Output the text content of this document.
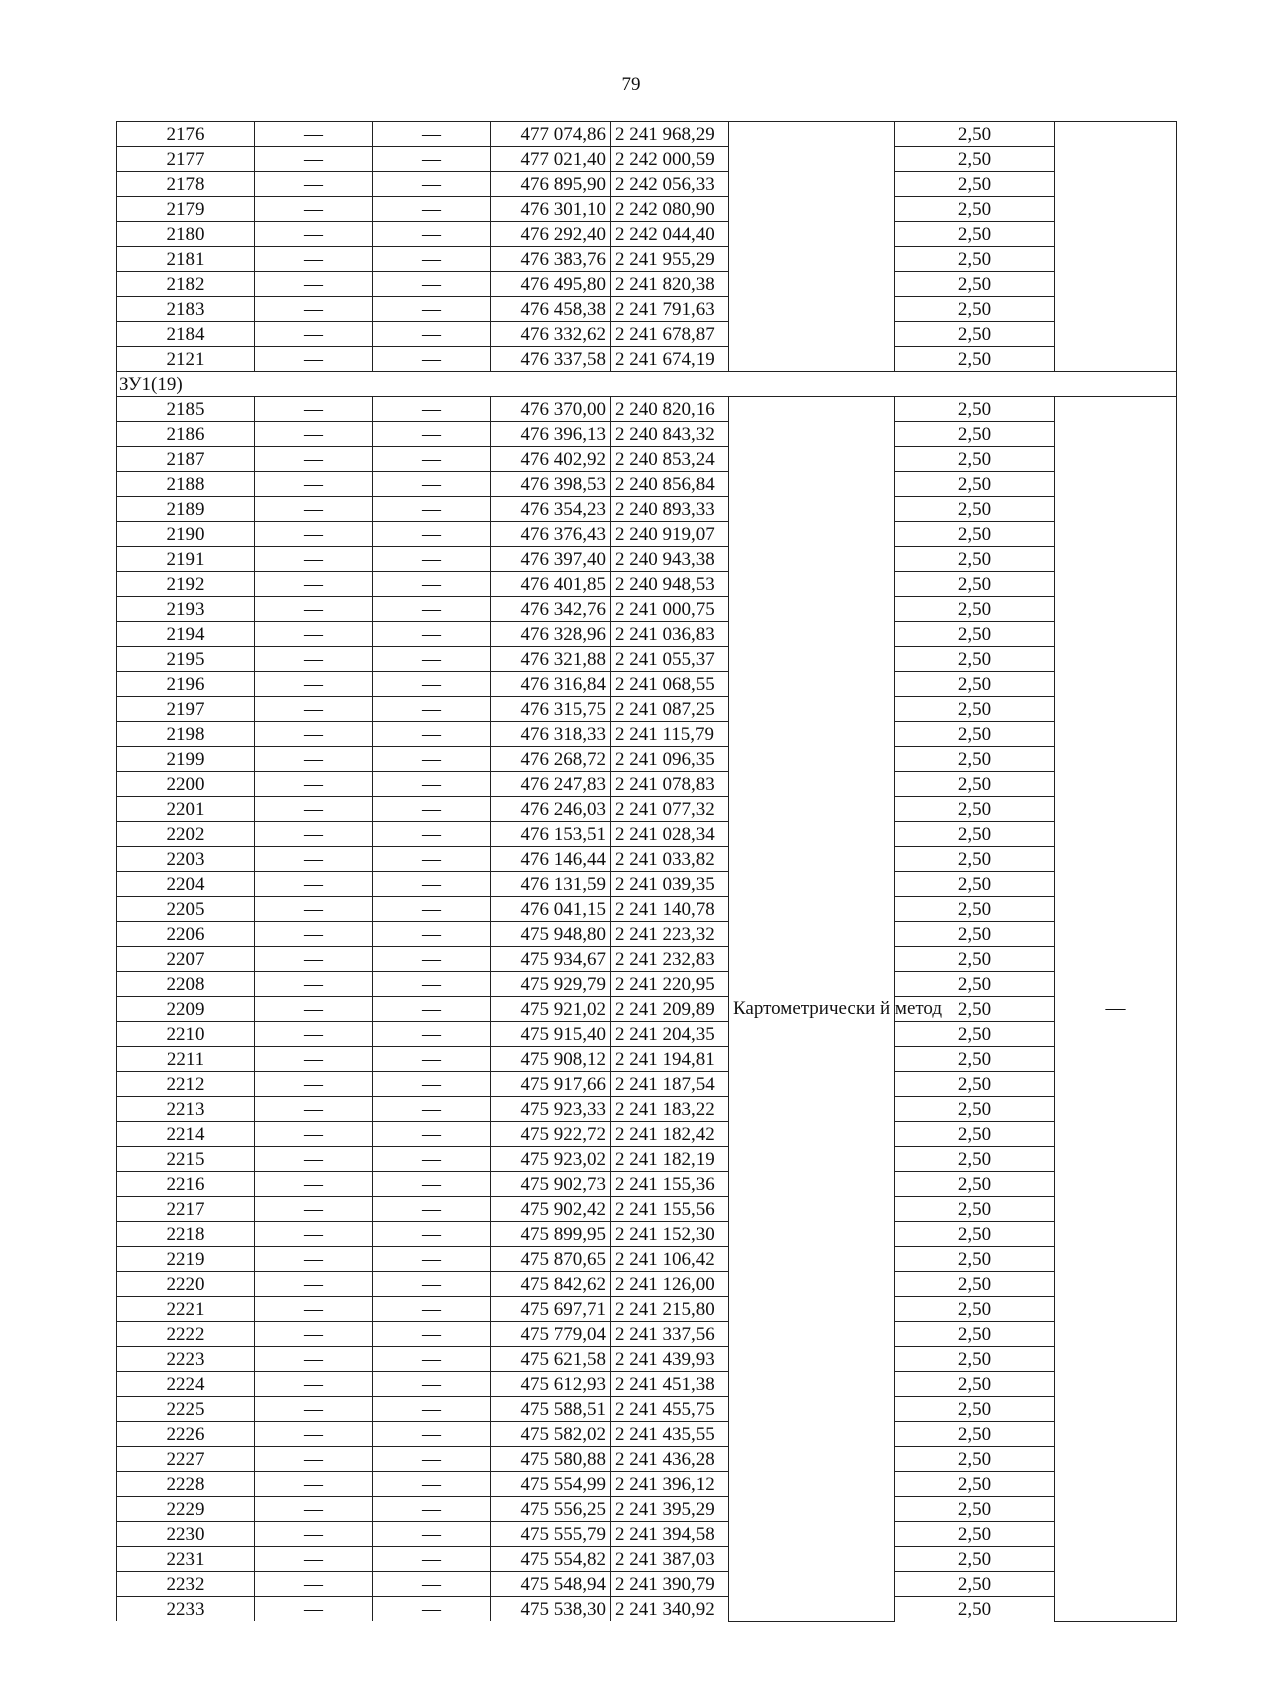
79
2176	—	—	477 074,86	2 241 968,29		2,50	
2177	—	—	477 021,40	2 242 000,59		2,50	
2178	—	—	476 895,90	2 242 056,33		2,50	
2179	—	—	476 301,10	2 242 080,90		2,50	
2180	—	—	476 292,40	2 242 044,40		2,50	
2181	—	—	476 383,76	2 241 955,29		2,50	
2182	—	—	476 495,80	2 241 820,38		2,50	
2183	—	—	476 458,38	2 241 791,63		2,50	
2184	—	—	476 332,62	2 241 678,87		2,50	
2121	—	—	476 337,58	2 241 674,19		2,50	
ЗУ1(19)							
2185	—	—	476 370,00	2 240 820,16	Картометрически й метод	2,50	—
2186	—	—	476 396,13	2 240 843,32		2,50	
2187	—	—	476 402,92	2 240 853,24		2,50	
2188	—	—	476 398,53	2 240 856,84		2,50	
2189	—	—	476 354,23	2 240 893,33		2,50	
2190	—	—	476 376,43	2 240 919,07		2,50	
2191	—	—	476 397,40	2 240 943,38		2,50	
2192	—	—	476 401,85	2 240 948,53		2,50	
2193	—	—	476 342,76	2 241 000,75		2,50	
2194	—	—	476 328,96	2 241 036,83		2,50	
2195	—	—	476 321,88	2 241 055,37		2,50	
2196	—	—	476 316,84	2 241 068,55		2,50	
2197	—	—	476 315,75	2 241 087,25		2,50	
2198	—	—	476 318,33	2 241 115,79		2,50	
2199	—	—	476 268,72	2 241 096,35		2,50	
2200	—	—	476 247,83	2 241 078,83		2,50	
2201	—	—	476 246,03	2 241 077,32		2,50	
2202	—	—	476 153,51	2 241 028,34		2,50	
2203	—	—	476 146,44	2 241 033,82		2,50	
2204	—	—	476 131,59	2 241 039,35		2,50	
2205	—	—	476 041,15	2 241 140,78		2,50	
2206	—	—	475 948,80	2 241 223,32		2,50	
2207	—	—	475 934,67	2 241 232,83		2,50	
2208	—	—	475 929,79	2 241 220,95		2,50	
2209	—	—	475 921,02	2 241 209,89		2,50	
2210	—	—	475 915,40	2 241 204,35		2,50	
2211	—	—	475 908,12	2 241 194,81		2,50	
2212	—	—	475 917,66	2 241 187,54		2,50	
2213	—	—	475 923,33	2 241 183,22		2,50	
2214	—	—	475 922,72	2 241 182,42		2,50	
2215	—	—	475 923,02	2 241 182,19		2,50	
2216	—	—	475 902,73	2 241 155,36		2,50	
2217	—	—	475 902,42	2 241 155,56		2,50	
2218	—	—	475 899,95	2 241 152,30		2,50	
2219	—	—	475 870,65	2 241 106,42		2,50	
2220	—	—	475 842,62	2 241 126,00		2,50	
2221	—	—	475 697,71	2 241 215,80		2,50	
2222	—	—	475 779,04	2 241 337,56		2,50	
2223	—	—	475 621,58	2 241 439,93		2,50	
2224	—	—	475 612,93	2 241 451,38		2,50	
2225	—	—	475 588,51	2 241 455,75		2,50	
2226	—	—	475 582,02	2 241 435,55		2,50	
2227	—	—	475 580,88	2 241 436,28		2,50	
2228	—	—	475 554,99	2 241 396,12		2,50	
2229	—	—	475 556,25	2 241 395,29		2,50	
2230	—	—	475 555,79	2 241 394,58		2,50	
2231	—	—	475 554,82	2 241 387,03		2,50	
2232	—	—	475 548,94	2 241 390,79		2,50	
2233	—	—	475 538,30	2 241 340,92		2,50	
